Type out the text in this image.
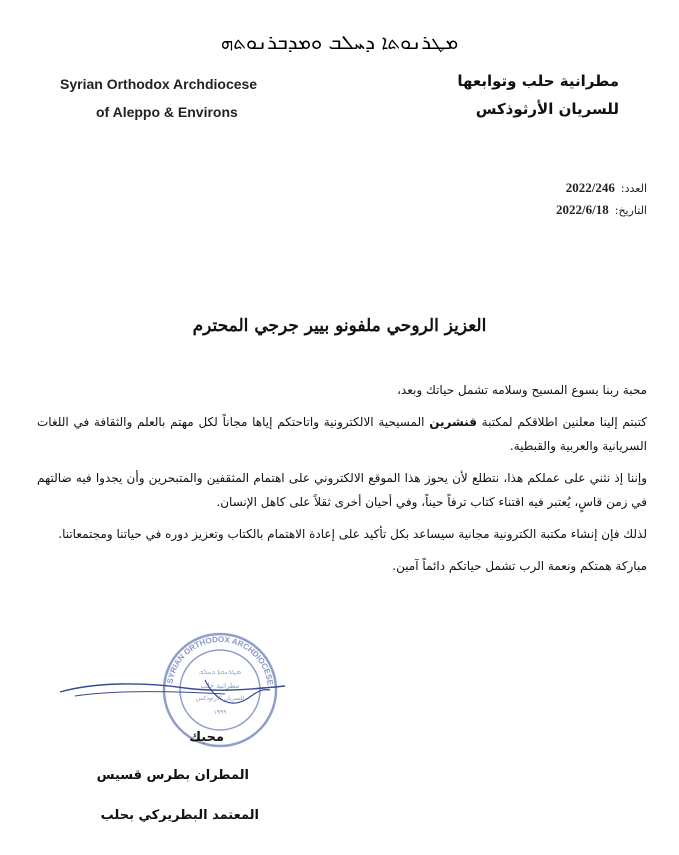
ܡܛܪܢܘܬܐ ܕܚܠܒ ܘܡܕܒܪܢܘܬܗ
Syrian Orthodox Archdiocese
of Aleppo & Environs
مطرانية حلب وتوابعها
للسريان الأرثوذكس
العدد:2022/246
التاريخ:2022/6/18
العزيز الروحي ملفونو بيير جرجي المحترم

محبة ربنا يسوع المسيح وسلامه تشمل حياتك وبعد،

كتبتم إلينا معلنين اطلاقكم لمكتبة قنشرين المسيحية الالكترونية واتاحتكم إياها مجاناً لكل مهتم بالعلم والثقافة في اللغات السريانية والعربية والقبطية.

وإننا إذ نثني على عملكم هذا، نتطلع لأن يحوز هذا الموقع الالكتروني على اهتمام المثقفين والمتبحرين وأن يجدوا فيه ضالتهم في زمن قاسٍ، يُعتبر فيه اقتناء كتاب ترفاً حيناً، وفي أحيان أخرى ثقلاً على كاهل الإنسان.

لذلك فإن إنشاء مكتبة الكترونية مجانية سيساعد بكل تأكيد على إعادة الاهتمام بالكتاب وتعزيز دوره في حياتنا ومجتمعاتنا.

مباركة همتكم ونعمة الرب تشمل حياتكم دائماً آمين.

SYRIAN ORTHODOX ARCHDIOCESE
ܡܛܪܢܘܬܐ ܕܚܠܒ
مطرانية حلب
للسريان الأرثوذكس
١٩٩٩
محبك
المطران بطرس قسيس
المعتمد البطريركي بحلب
